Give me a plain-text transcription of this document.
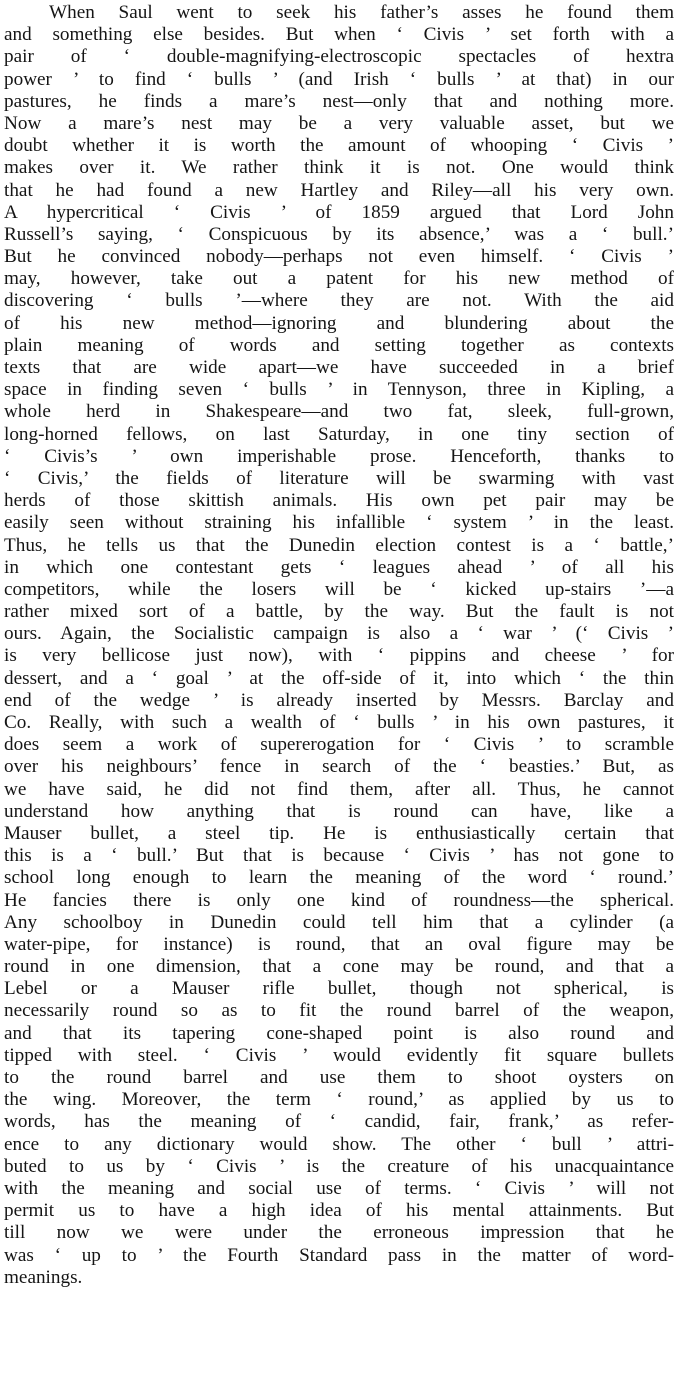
When Saul went to seek his father’s asses he found them
and something else besides. But when ‘ Civis ’ set forth with a
pair of ‘ double-magnifying-electroscopic spectacles of hextra
power ’ to find ‘ bulls ’ (and Irish ‘ bulls ’ at that) in our
pastures, he finds a mare’s nest—only that and nothing more.
Now a mare’s nest may be a very valuable asset, but we
doubt whether it is worth the amount of whooping ‘ Civis ’
makes over it. We rather think it is not. One would think
that he had found a new Hartley and Riley—all his very own.
A hypercritical ‘ Civis ’ of 1859 argued that Lord John
Russell’s saying, ‘ Conspicuous by its absence,’ was a ‘ bull.’
But he convinced nobody—perhaps not even himself. ‘ Civis ’
may, however, take out a patent for his new method of
discovering ‘ bulls ’—where they are not. With the aid
of his new method—ignoring and blundering about the
plain meaning of words and setting together as contexts
texts that are wide apart—we have succeeded in a brief
space in finding seven ‘ bulls ’ in Tennyson, three in Kipling, a
whole herd in Shakespeare—and two fat, sleek, full-grown,
long-horned fellows, on last Saturday, in one tiny section of
‘ Civis’s ’ own imperishable prose. Henceforth, thanks to
‘ Civis,’ the fields of literature will be swarming with vast
herds of those skittish animals. His own pet pair may be
easily seen without straining his infallible ‘ system ’ in the least.
Thus, he tells us that the Dunedin election contest is a ‘ battle,’
in which one contestant gets ‘ leagues ahead ’ of all his
competitors, while the losers will be ‘ kicked up-stairs ’—a
rather mixed sort of a battle, by the way. But the fault is not
ours. Again, the Socialistic campaign is also a ‘ war ’ (‘ Civis ’
is very bellicose just now), with ‘ pippins and cheese ’ for
dessert, and a ‘ goal ’ at the off-side of it, into which ‘ the thin
end of the wedge ’ is already inserted by Messrs. Barclay and
Co. Really, with such a wealth of ‘ bulls ’ in his own pastures, it
does seem a work of supererogation for ‘ Civis ’ to scramble
over his neighbours’ fence in search of the ‘ beasties.’ But, as
we have said, he did not find them, after all. Thus, he cannot
understand how anything that is round can have, like a
Mauser bullet, a steel tip. He is enthusiastically certain that
this is a ‘ bull.’ But that is because ‘ Civis ’ has not gone to
school long enough to learn the meaning of the word ‘ round.’
He fancies there is only one kind of roundness—the spherical.
Any schoolboy in Dunedin could tell him that a cylinder (a
water-pipe, for instance) is round, that an oval figure may be
round in one dimension, that a cone may be round, and that a
Lebel or a Mauser rifle bullet, though not spherical, is
necessarily round so as to fit the round barrel of the weapon,
and that its tapering cone-shaped point is also round and
tipped with steel. ‘ Civis ’ would evidently fit square bullets
to the round barrel and use them to shoot oysters on
the wing. Moreover, the term ‘ round,’ as applied by us to
words, has the meaning of ‘ candid, fair, frank,’ as refer-
ence to any dictionary would show. The other ‘ bull ’ attri-
buted to us by ‘ Civis ’ is the creature of his unacquaintance
with the meaning and social use of terms. ‘ Civis ’ will not
permit us to have a high idea of his mental attainments. But
till now we were under the erroneous impression that he
was ‘ up to ’ the Fourth Standard pass in the matter of word-
meanings.
